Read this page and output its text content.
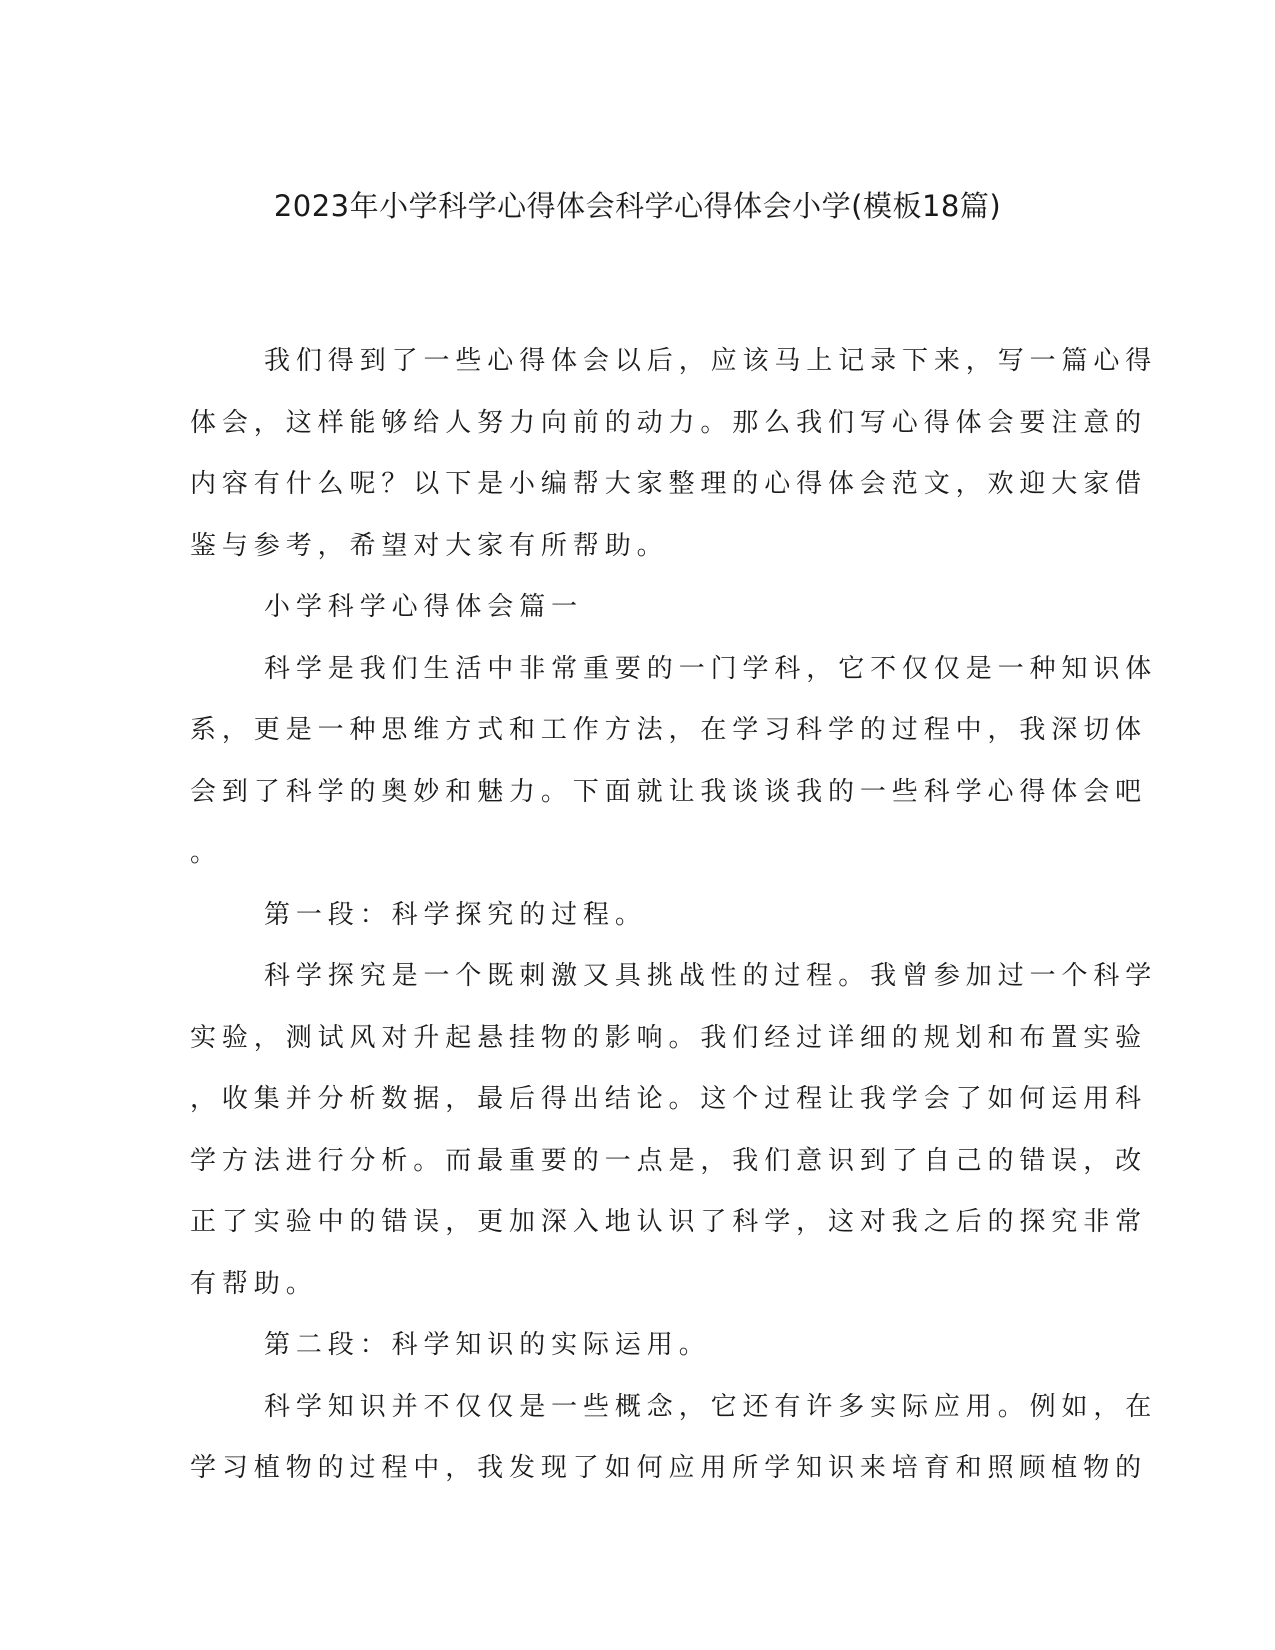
2023年小学科学心得体会科学心得体会小学(模板18篇)
我们得到了一些心得体会以后，应该马上记录下来，写一篇心得
体会，这样能够给人努力向前的动力。那么我们写心得体会要注意的
内容有什么呢？以下是小编帮大家整理的心得体会范文，欢迎大家借
鉴与参考，希望对大家有所帮助。
小学科学心得体会篇一
科学是我们生活中非常重要的一门学科，它不仅仅是一种知识体
系，更是一种思维方式和工作方法，在学习科学的过程中，我深切体
会到了科学的奥妙和魅力。下面就让我谈谈我的一些科学心得体会吧
。
第一段：科学探究的过程。
科学探究是一个既刺激又具挑战性的过程。我曾参加过一个科学
实验，测试风对升起悬挂物的影响。我们经过详细的规划和布置实验
，收集并分析数据，最后得出结论。这个过程让我学会了如何运用科
学方法进行分析。而最重要的一点是，我们意识到了自己的错误，改
正了实验中的错误，更加深入地认识了科学，这对我之后的探究非常
有帮助。
第二段：科学知识的实际运用。
科学知识并不仅仅是一些概念，它还有许多实际应用。例如，在
学习植物的过程中，我发现了如何应用所学知识来培育和照顾植物的
